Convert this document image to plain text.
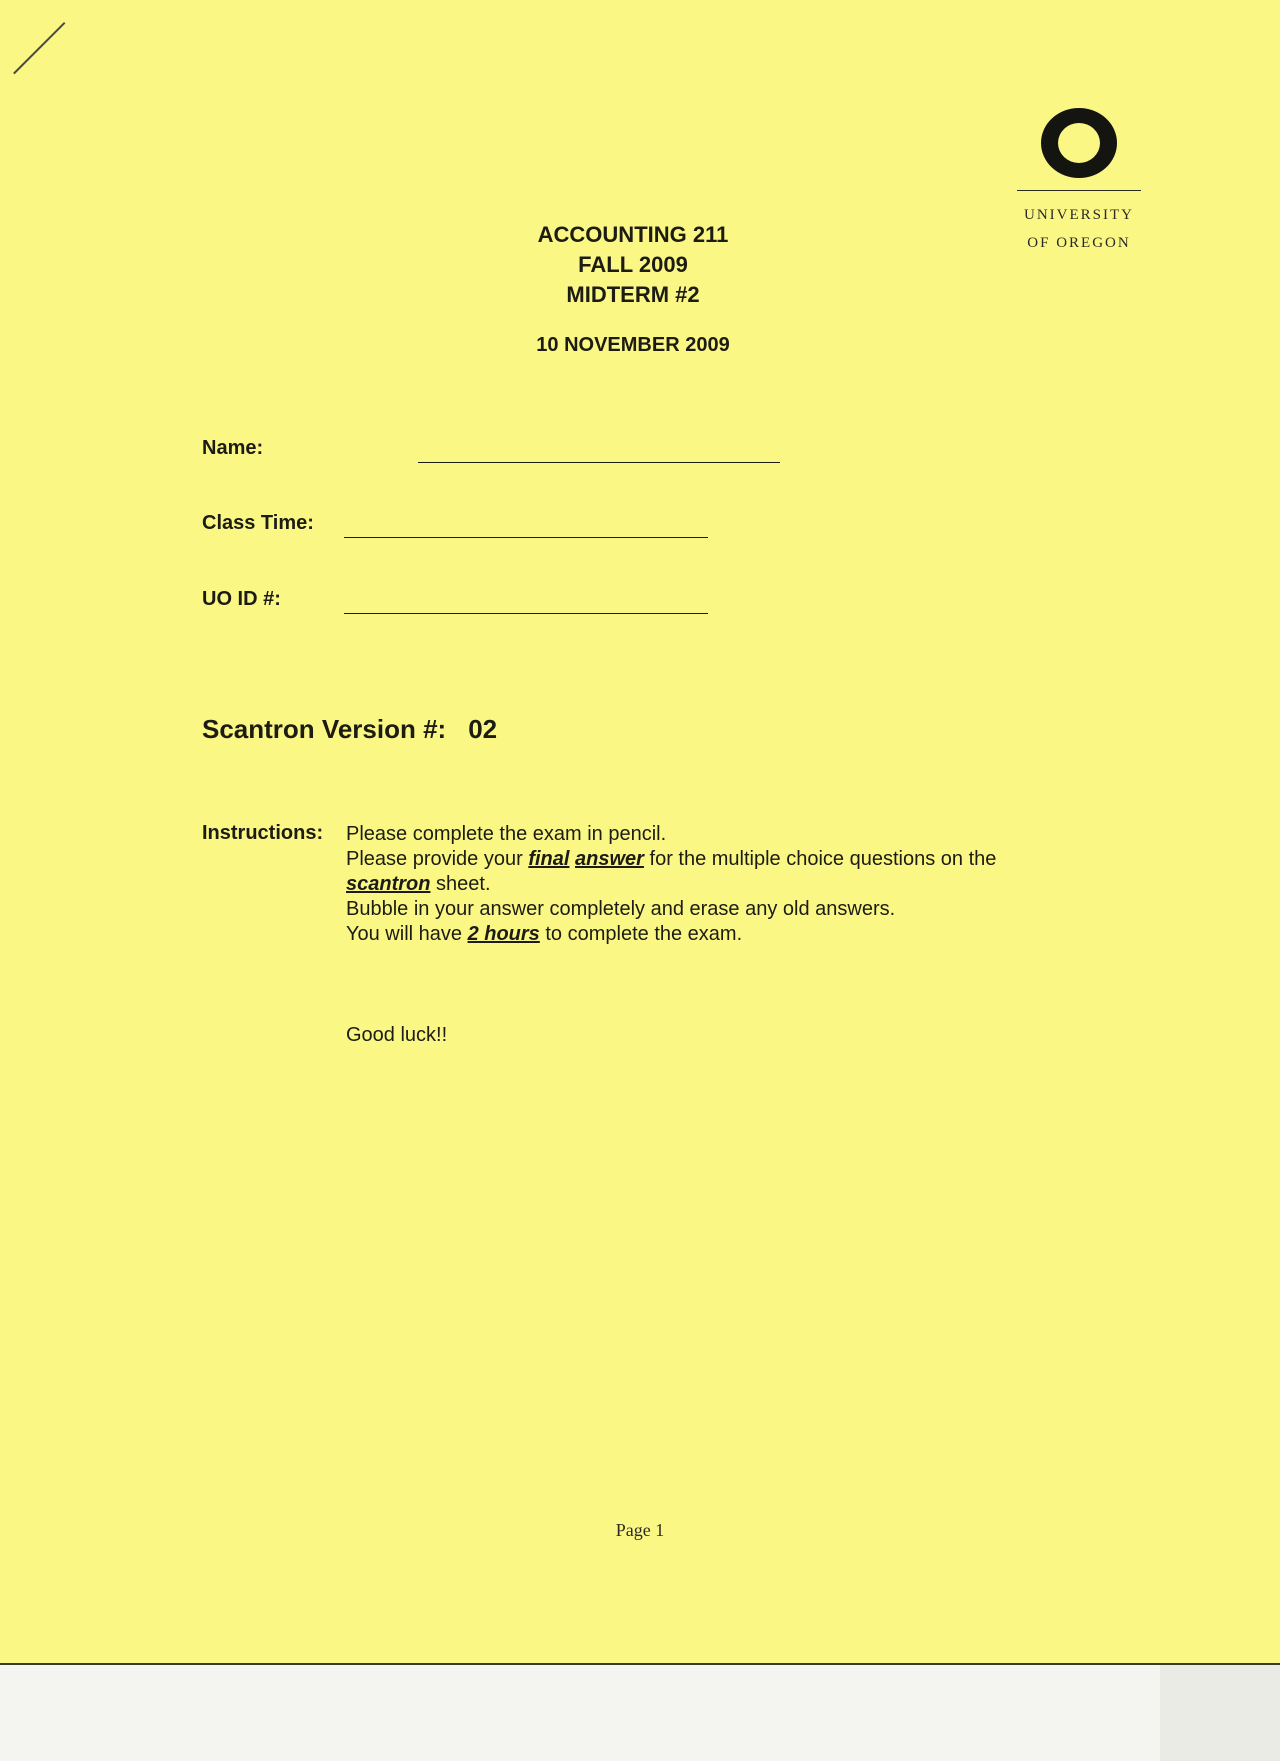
UNIVERSITY
OF OREGON
ACCOUNTING 211
FALL 2009
MIDTERM #2
10 NOVEMBER 2009
Name:
Class Time:
UO ID #:
Scantron Version #: 02
Instructions: Please complete the exam in pencil.
Please provide your final answer for the multiple choice questions on the
scantron sheet.
Bubble in your answer completely and erase any old answers.
You will have 2 hours to complete the exam.
Good luck!!
Page 1
